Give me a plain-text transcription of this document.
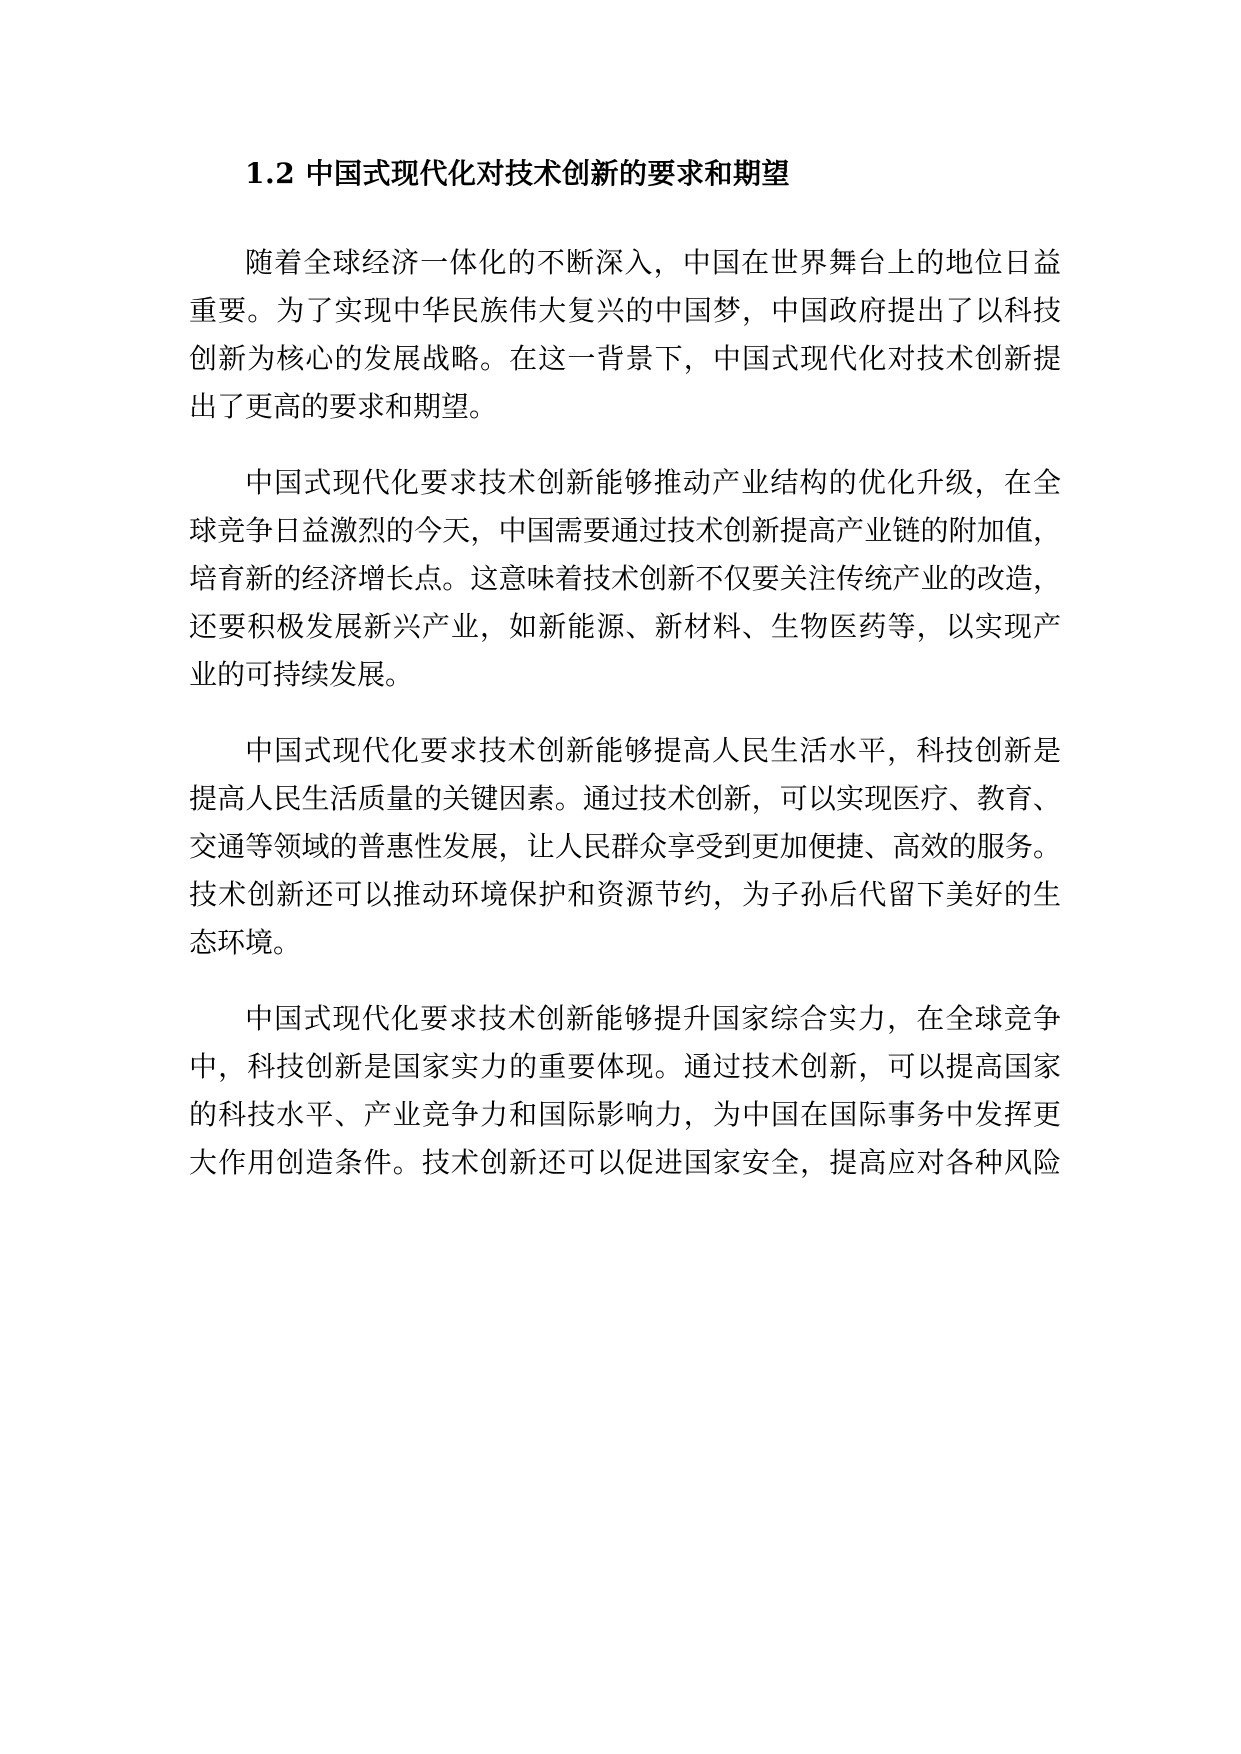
1.2 中国式现代化对技术创新的要求和期望
随着全球经济一体化的不断深入，中国在世界舞台上的地位日益
重要。为了实现中华民族伟大复兴的中国梦，中国政府提出了以科技
创新为核心的发展战略。在这一背景下，中国式现代化对技术创新提
出了更高的要求和期望。
中国式现代化要求技术创新能够推动产业结构的优化升级，在全
球竞争日益激烈的今天，中国需要通过技术创新提高产业链的附加值，
培育新的经济增长点。这意味着技术创新不仅要关注传统产业的改造，
还要积极发展新兴产业，如新能源、新材料、生物医药等，以实现产
业的可持续发展。
中国式现代化要求技术创新能够提高人民生活水平，科技创新是
提高人民生活质量的关键因素。通过技术创新，可以实现医疗、教育、
交通等领域的普惠性发展，让人民群众享受到更加便捷、高效的服务。
技术创新还可以推动环境保护和资源节约，为子孙后代留下美好的生
态环境。
中国式现代化要求技术创新能够提升国家综合实力，在全球竞争
中，科技创新是国家实力的重要体现。通过技术创新，可以提高国家
的科技水平、产业竞争力和国际影响力，为中国在国际事务中发挥更
大作用创造条件。技术创新还可以促进国家安全，提高应对各种风险
